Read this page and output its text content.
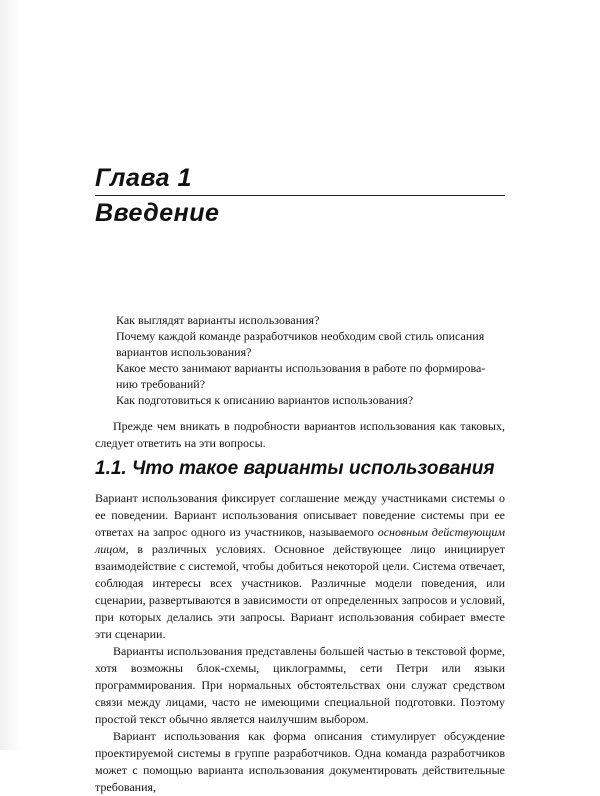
Глава 1
Введение
Как выглядят варианты использования?
Почему каждой команде разработчиков необходим свой стиль описания вариантов использования?
Какое место занимают варианты использования в работе по формированию требований?
Как подготовиться к описанию вариантов использования?

Прежде чем вникать в подробности вариантов использования как таковых, следует ответить на эти вопросы.

1.1. Что такое варианты использования

Вариант использования фиксирует соглашение между участниками системы о ее поведении. Вариант использования описывает поведение системы при ее ответах на запрос одного из участников, называемого основным действующим лицом, в различных условиях. Основное действующее лицо инициирует взаимодействие с системой, чтобы добиться некоторой цели. Система отвечает, соблюдая интересы всех участников. Различные модели поведения, или сценарии, развертываются в зависимости от определенных запросов и условий, при которых делались эти запросы. Вариант использования собирает вместе эти сценарии.

Варианты использования представлены большей частью в текстовой форме, хотя возможны блок-схемы, циклограммы, сети Петри или языки программирования. При нормальных обстоятельствах они служат средством связи между лицами, часто не имеющими специальной подготовки. Поэтому простой текст обычно является наилучшим выбором.

Вариант использования как форма описания стимулирует обсуждение проектируемой системы в группе разработчиков. Одна команда разработчиков может с помощью варианта использования документировать действительные требования,
